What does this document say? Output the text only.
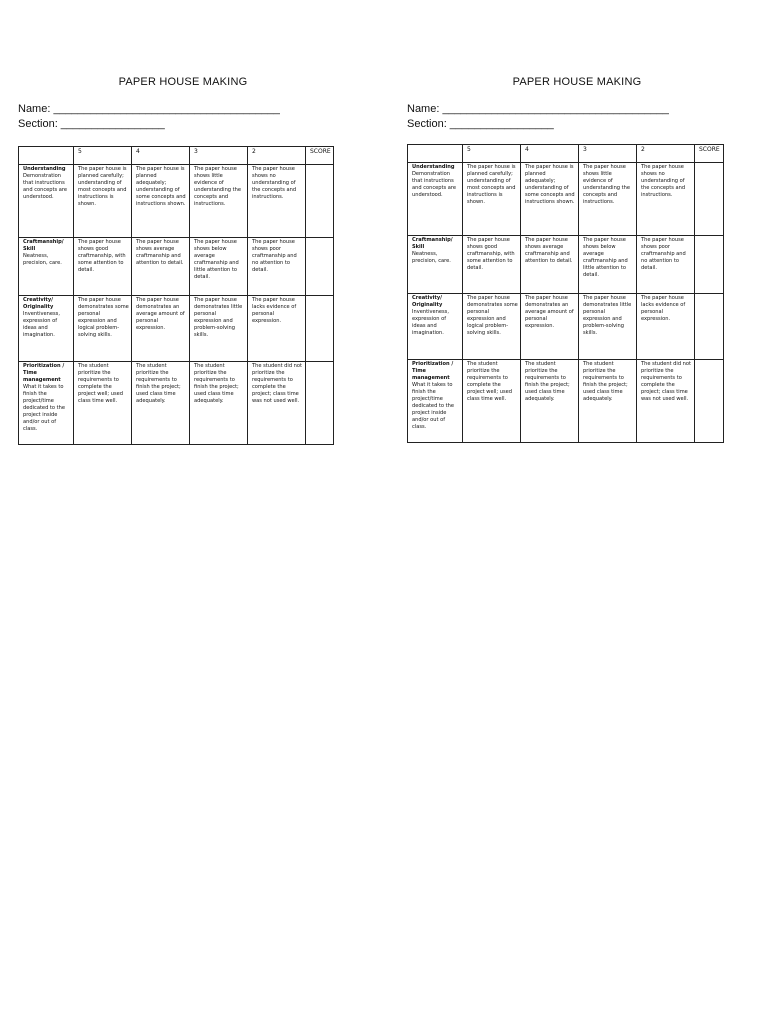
PAPER HOUSE MAKING
Name: _____________________________________
Section: _________________
	5	4	3	2	SCORE

Understanding
Demonstration that instructions and concepts are understood.	The paper house is planned carefully; understanding of most concepts and instructions is shown.	The paper house is planned adequately; understanding of some concepts and instructions shown.	The paper house shows little evidence of understanding the concepts and instructions.	The paper house shows no understanding of the concepts and instructions.	

Craftmanship/ Skill
Neatness, precision, care.	The paper house shows good craftmanship, with some attention to detail.	The paper house shows average craftmanship and attention to detail.	The paper house shows below average craftmanship and little attention to detail.	The paper house shows poor craftmanship and no attention to detail.	

Creativity/ Originality
Inventiveness, expression of ideas and imagination.	The paper house demonstrates some personal expression and logical problem-solving skills.	The paper house demonstrates an average amount of personal expression.	The paper house demonstrates little personal expression and problem-solving skills.	The paper house lacks evidence of personal expression.	

Prioritization / Time management
What it takes to finish the project/time dedicated to the project inside and/or out of class.	The student prioritize the requirements to complete the project well; used class time well.	The student prioritize the requirements to finish the project; used class time adequately.	The student prioritize the requirements to finish the project; used class time adequately.	The student did not prioritize the requirements to complete the project; class time was not used well.	
PAPER HOUSE MAKING
Name: _____________________________________
Section: _________________
	5	4	3	2	SCORE

Understanding
Demonstration that instructions and concepts are understood.	The paper house is planned carefully; understanding of most concepts and instructions is shown.	The paper house is planned adequately; understanding of some concepts and instructions shown.	The paper house shows little evidence of understanding the concepts and instructions.	The paper house shows no understanding of the concepts and instructions.	

Craftmanship/ Skill
Neatness, precision, care.	The paper house shows good craftmanship, with some attention to detail.	The paper house shows average craftmanship and attention to detail.	The paper house shows below average craftmanship and little attention to detail.	The paper house shows poor craftmanship and no attention to detail.	

Creativity/ Originality
Inventiveness, expression of ideas and imagination.	The paper house demonstrates some personal expression and logical problem-solving skills.	The paper house demonstrates an average amount of personal expression.	The paper house demonstrates little personal expression and problem-solving skills.	The paper house lacks evidence of personal expression.	

Prioritization / Time management
What it takes to finish the project/time dedicated to the project inside and/or out of class.	The student prioritize the requirements to complete the project well; used class time well.	The student prioritize the requirements to finish the project; used class time adequately.	The student prioritize the requirements to finish the project; used class time adequately.	The student did not prioritize the requirements to complete the project; class time was not used well.	
